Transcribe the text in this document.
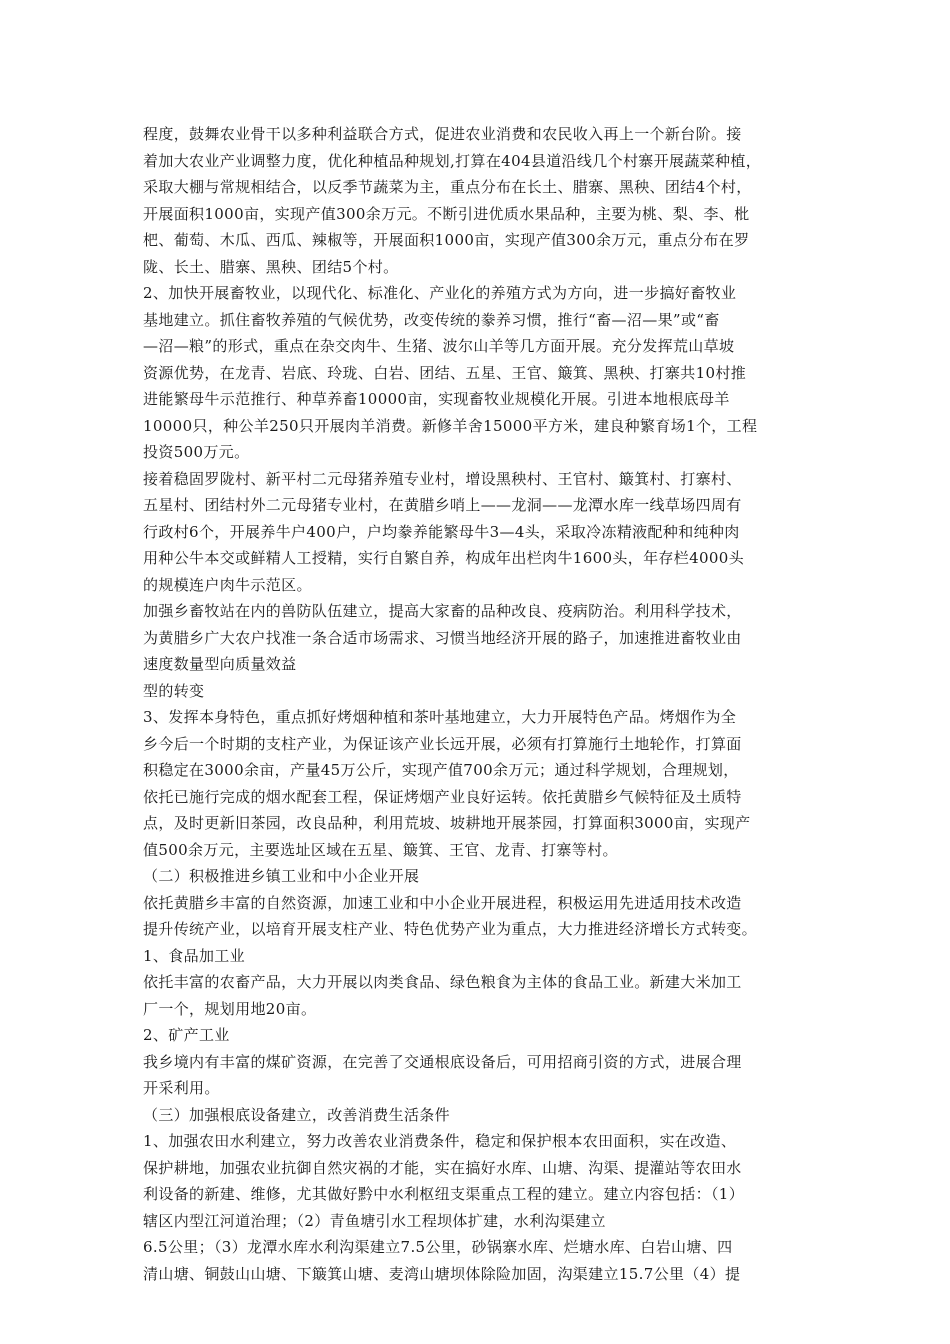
程度，鼓舞农业骨干以多种利益联合方式，促进农业消费和农民收入再上一个新台阶。接
着加大农业产业调整力度，优化种植品种规划,打算在404县道沿线几个村寨开展蔬菜种植，
采取大棚与常规相结合，以反季节蔬菜为主，重点分布在长土、腊寨、黑秧、团结4个村，
开展面积1000亩，实现产值300余万元。不断引进优质水果品种，主要为桃、梨、李、枇
杷、葡萄、木瓜、西瓜、辣椒等，开展面积1000亩，实现产值300余万元，重点分布在罗
陇、长土、腊寨、黑秧、团结5个村。
2、加快开展畜牧业，以现代化、标准化、产业化的养殖方式为方向，进一步搞好畜牧业
基地建立。抓住畜牧养殖的气候优势，改变传统的豢养习惯，推行“畜—沼—果”或“畜
—沼—粮”的形式，重点在杂交肉牛、生猪、波尔山羊等几方面开展。充分发挥荒山草坡
资源优势，在龙青、岩底、玲珑、白岩、团结、五星、王官、簸箕、黑秧、打寨共10村推
进能繁母牛示范推行、种草养畜10000亩，实现畜牧业规模化开展。引进本地根底母羊
10000只，种公羊250只开展肉羊消费。新修羊舍15000平方米，建良种繁育场1个，工程
投资500万元。
接着稳固罗陇村、新平村二元母猪养殖专业村，增设黑秧村、王官村、簸箕村、打寨村、
五星村、团结村外二元母猪专业村，在黄腊乡哨上——龙洞——龙潭水库一线草场四周有
行政村6个，开展养牛户400户，户均豢养能繁母牛3—4头，采取冷冻精液配种和纯种肉
用种公牛本交或鲜精人工授精，实行自繁自养，构成年出栏肉牛1600头，年存栏4000头
的规模连户肉牛示范区。
加强乡畜牧站在内的兽防队伍建立，提高大家畜的品种改良、疫病防治。利用科学技术，
为黄腊乡广大农户找准一条合适市场需求、习惯当地经济开展的路子，加速推进畜牧业由
速度数量型向质量效益
型的转变
3、发挥本身特色，重点抓好烤烟种植和茶叶基地建立，大力开展特色产品。烤烟作为全
乡今后一个时期的支柱产业，为保证该产业长远开展，必须有打算施行土地轮作，打算面
积稳定在3000余亩，产量45万公斤，实现产值700余万元；通过科学规划，合理规划，
依托已施行完成的烟水配套工程，保证烤烟产业良好运转。依托黄腊乡气候特征及土质特
点，及时更新旧茶园，改良品种，利用荒坡、坡耕地开展茶园，打算面积3000亩，实现产
值500余万元，主要选址区域在五星、簸箕、王官、龙青、打寨等村。
（二）积极推进乡镇工业和中小企业开展
依托黄腊乡丰富的自然资源，加速工业和中小企业开展进程，积极运用先进适用技术改造
提升传统产业，以培育开展支柱产业、特色优势产业为重点，大力推进经济增长方式转变。
1、食品加工业
依托丰富的农畜产品，大力开展以肉类食品、绿色粮食为主体的食品工业。新建大米加工
厂一个，规划用地20亩。
2、矿产工业
我乡境内有丰富的煤矿资源，在完善了交通根底设备后，可用招商引资的方式，进展合理
开采利用。
（三）加强根底设备建立，改善消费生活条件
1、加强农田水利建立，努力改善农业消费条件，稳定和保护根本农田面积，实在改造、
保护耕地，加强农业抗御自然灾祸的才能，实在搞好水库、山塘、沟渠、提灌站等农田水
利设备的新建、维修，尤其做好黔中水利枢纽支渠重点工程的建立。建立内容包括：（1）
辖区内型江河道治理；（2）青鱼塘引水工程坝体扩建，水利沟渠建立
6.5公里；（3）龙潭水库水利沟渠建立7.5公里，砂锅寨水库、烂塘水库、白岩山塘、四
清山塘、铜鼓山山塘、下簸箕山塘、麦湾山塘坝体除险加固，沟渠建立15.7公里（4）提
